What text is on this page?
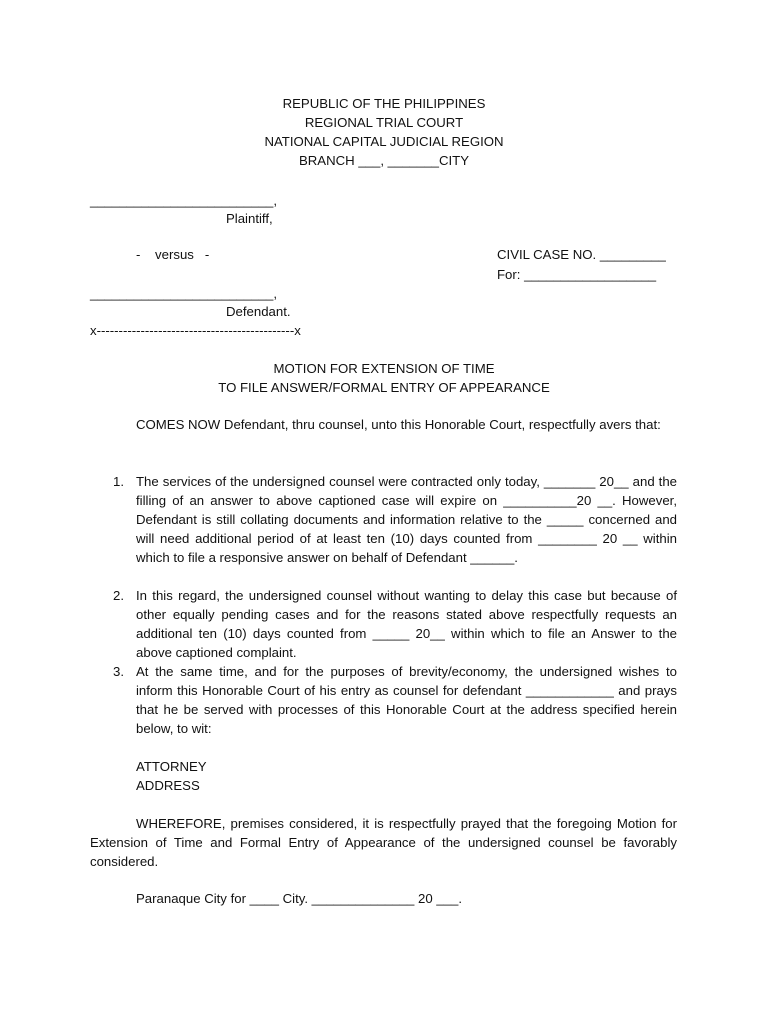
REPUBLIC OF THE PHILIPPINES
REGIONAL TRIAL COURT
NATIONAL CAPITAL JUDICIAL REGION
BRANCH ___, _______CITY
_________________________,
Plaintiff,
-    versus   -	CIVIL CASE NO. _________
For: __________________
_________________________,
Defendant.
x---------------------------------------------x
MOTION FOR EXTENSION OF TIME
TO FILE ANSWER/FORMAL ENTRY OF APPEARANCE
COMES NOW Defendant, thru counsel, unto this Honorable Court, respectfully avers that:
1. The services of the undersigned counsel were contracted only today, _______ 20__ and the filling of an answer to above captioned case will expire on __________20 __. However, Defendant is still collating documents and information relative to the _____ concerned and will need additional period of at least ten (10) days counted from ________ 20 __ within which to file a responsive answer on behalf of Defendant ______.
2. In this regard, the undersigned counsel without wanting to delay this case but because of other equally pending cases and for the reasons stated above respectfully requests an additional ten (10) days counted from _____ 20__ within which to file an Answer to the above captioned complaint.
3. At the same time, and for the purposes of brevity/economy, the undersigned wishes to inform this Honorable Court of his entry as counsel for defendant ____________ and prays that he be served with processes of this Honorable Court at the address specified herein below, to wit:
ATTORNEY
ADDRESS
WHEREFORE, premises considered, it is respectfully prayed that the foregoing Motion for Extension of Time and Formal Entry of Appearance of the undersigned counsel be favorably considered.
Paranaque City for ____ City. ______________ 20 ___.
